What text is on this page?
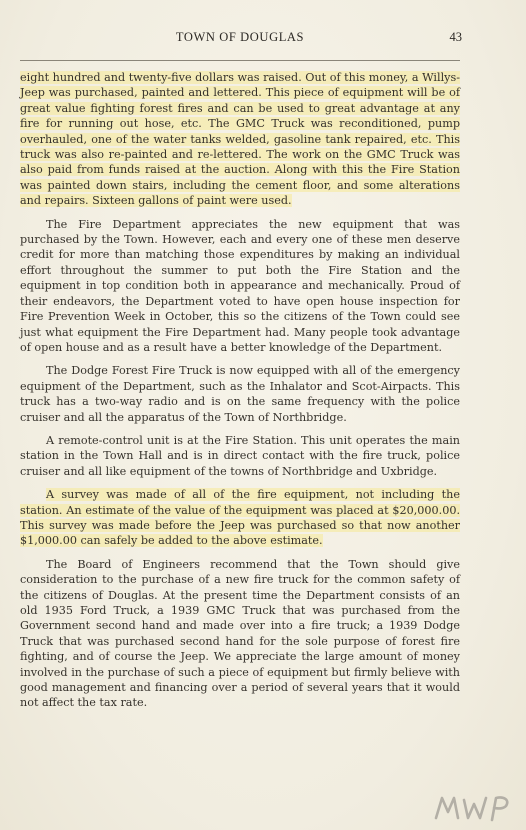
TOWN OF DOUGLAS	43

eight hundred and twenty-five dollars was raised. Out of this money, a Willys-Jeep was purchased, painted and lettered. This piece of equipment will be of great value fighting forest fires and can be used to great advantage at any fire for running out hose, etc. The GMC Truck was reconditioned, pump overhauled, one of the water tanks welded, gasoline tank repaired, etc. This truck was also re-painted and re-lettered. The work on the GMC Truck was also paid from funds raised at the auction. Along with this the Fire Station was painted down stairs, including the cement floor, and some alterations and repairs. Sixteen gallons of paint were used.

The Fire Department appreciates the new equipment that was purchased by the Town. However, each and every one of these men deserve credit for more than matching those expenditures by making an individual effort throughout the summer to put both the Fire Station and the equipment in top condition both in appearance and mechanically. Proud of their endeavors, the Department voted to have open house inspection for Fire Prevention Week in October, this so the citizens of the Town could see just what equipment the Fire Department had. Many people took advantage of open house and as a result have a better knowledge of the Department.

The Dodge Forest Fire Truck is now equipped with all of the emergency equipment of the Department, such as the Inhalator and Scot-Airpacts. This truck has a two-way radio and is on the same frequency with the police cruiser and all the apparatus of the Town of Northbridge.

A remote-control unit is at the Fire Station. This unit operates the main station in the Town Hall and is in direct contact with the fire truck, police cruiser and all like equipment of the towns of Northbridge and Uxbridge.

A survey was made of all of the fire equipment, not including the station. An estimate of the value of the equipment was placed at $20,000.00. This survey was made before the Jeep was purchased so that now another $1,000.00 can safely be added to the above estimate.

The Board of Engineers recommend that the Town should give consideration to the purchase of a new fire truck for the common safety of the citizens of Douglas. At the present time the Department consists of an old 1935 Ford Truck, a 1939 GMC Truck that was purchased from the Government second hand and made over into a fire truck; a 1939 Dodge Truck that was purchased second hand for the sole purpose of forest fire fighting, and of course the Jeep. We appreciate the large amount of money involved in the purchase of such a piece of equipment but firmly believe with good management and financing over a period of several years that it would not affect the tax rate.
